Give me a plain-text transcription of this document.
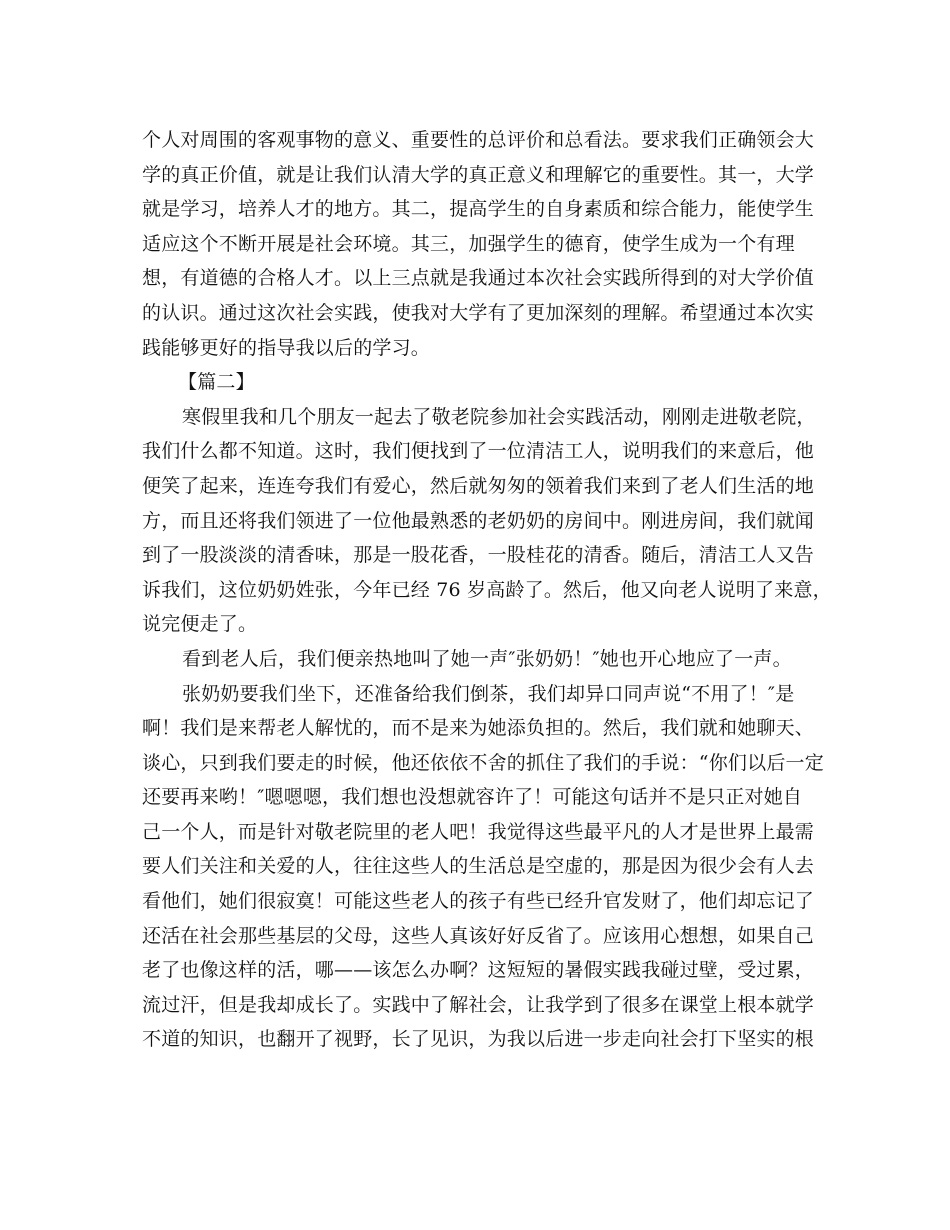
个人对周围的客观事物的意义、重要性的总评价和总看法。要求我们正确领会大
学的真正价值，就是让我们认清大学的真正意义和理解它的重要性。其一，大学
就是学习，培养人才的地方。其二，提高学生的自身素质和综合能力，能使学生
适应这个不断开展是社会环境。其三，加强学生的德育，使学生成为一个有理
想，有道德的合格人才。以上三点就是我通过本次社会实践所得到的对大学价值
的认识。通过这次社会实践，使我对大学有了更加深刻的理解。希望通过本次实
践能够更好的指导我以后的学习。
【篇二】
寒假里我和几个朋友一起去了敬老院参加社会实践活动，刚刚走进敬老院，
我们什么都不知道。这时，我们便找到了一位清洁工人，说明我们的来意后，他
便笑了起来，连连夸我们有爱心，然后就匆匆的领着我们来到了老人们生活的地
方，而且还将我们领进了一位他最熟悉的老奶奶的房间中。刚进房间，我们就闻
到了一股淡淡的清香味，那是一股花香，一股桂花的清香。随后，清洁工人又告
诉我们，这位奶奶姓张，今年已经 76 岁高龄了。然后，他又向老人说明了来意，
说完便走了。
看到老人后，我们便亲热地叫了她一声″张奶奶！″她也开心地应了一声。
张奶奶要我们坐下，还准备给我们倒茶，我们却异口同声说“不用了！″是
啊！我们是来帮老人解忧的，而不是来为她添负担的。然后，我们就和她聊天、
谈心，只到我们要走的时候，他还依依不舍的抓住了我们的手说：“你们以后一定
还要再来哟！″嗯嗯嗯，我们想也没想就容许了！可能这句话并不是只正对她自
己一个人，而是针对敬老院里的老人吧！我觉得这些最平凡的人才是世界上最需
要人们关注和关爱的人，往往这些人的生活总是空虚的，那是因为很少会有人去
看他们，她们很寂寞！可能这些老人的孩子有些已经升官发财了，他们却忘记了
还活在社会那些基层的父母，这些人真该好好反省了。应该用心想想，如果自己
老了也像这样的活，哪——该怎么办啊？这短短的暑假实践我碰过壁，受过累，
流过汗，但是我却成长了。实践中了解社会，让我学到了很多在课堂上根本就学
不道的知识，也翻开了视野，长了见识，为我以后进一步走向社会打下坚实的根
